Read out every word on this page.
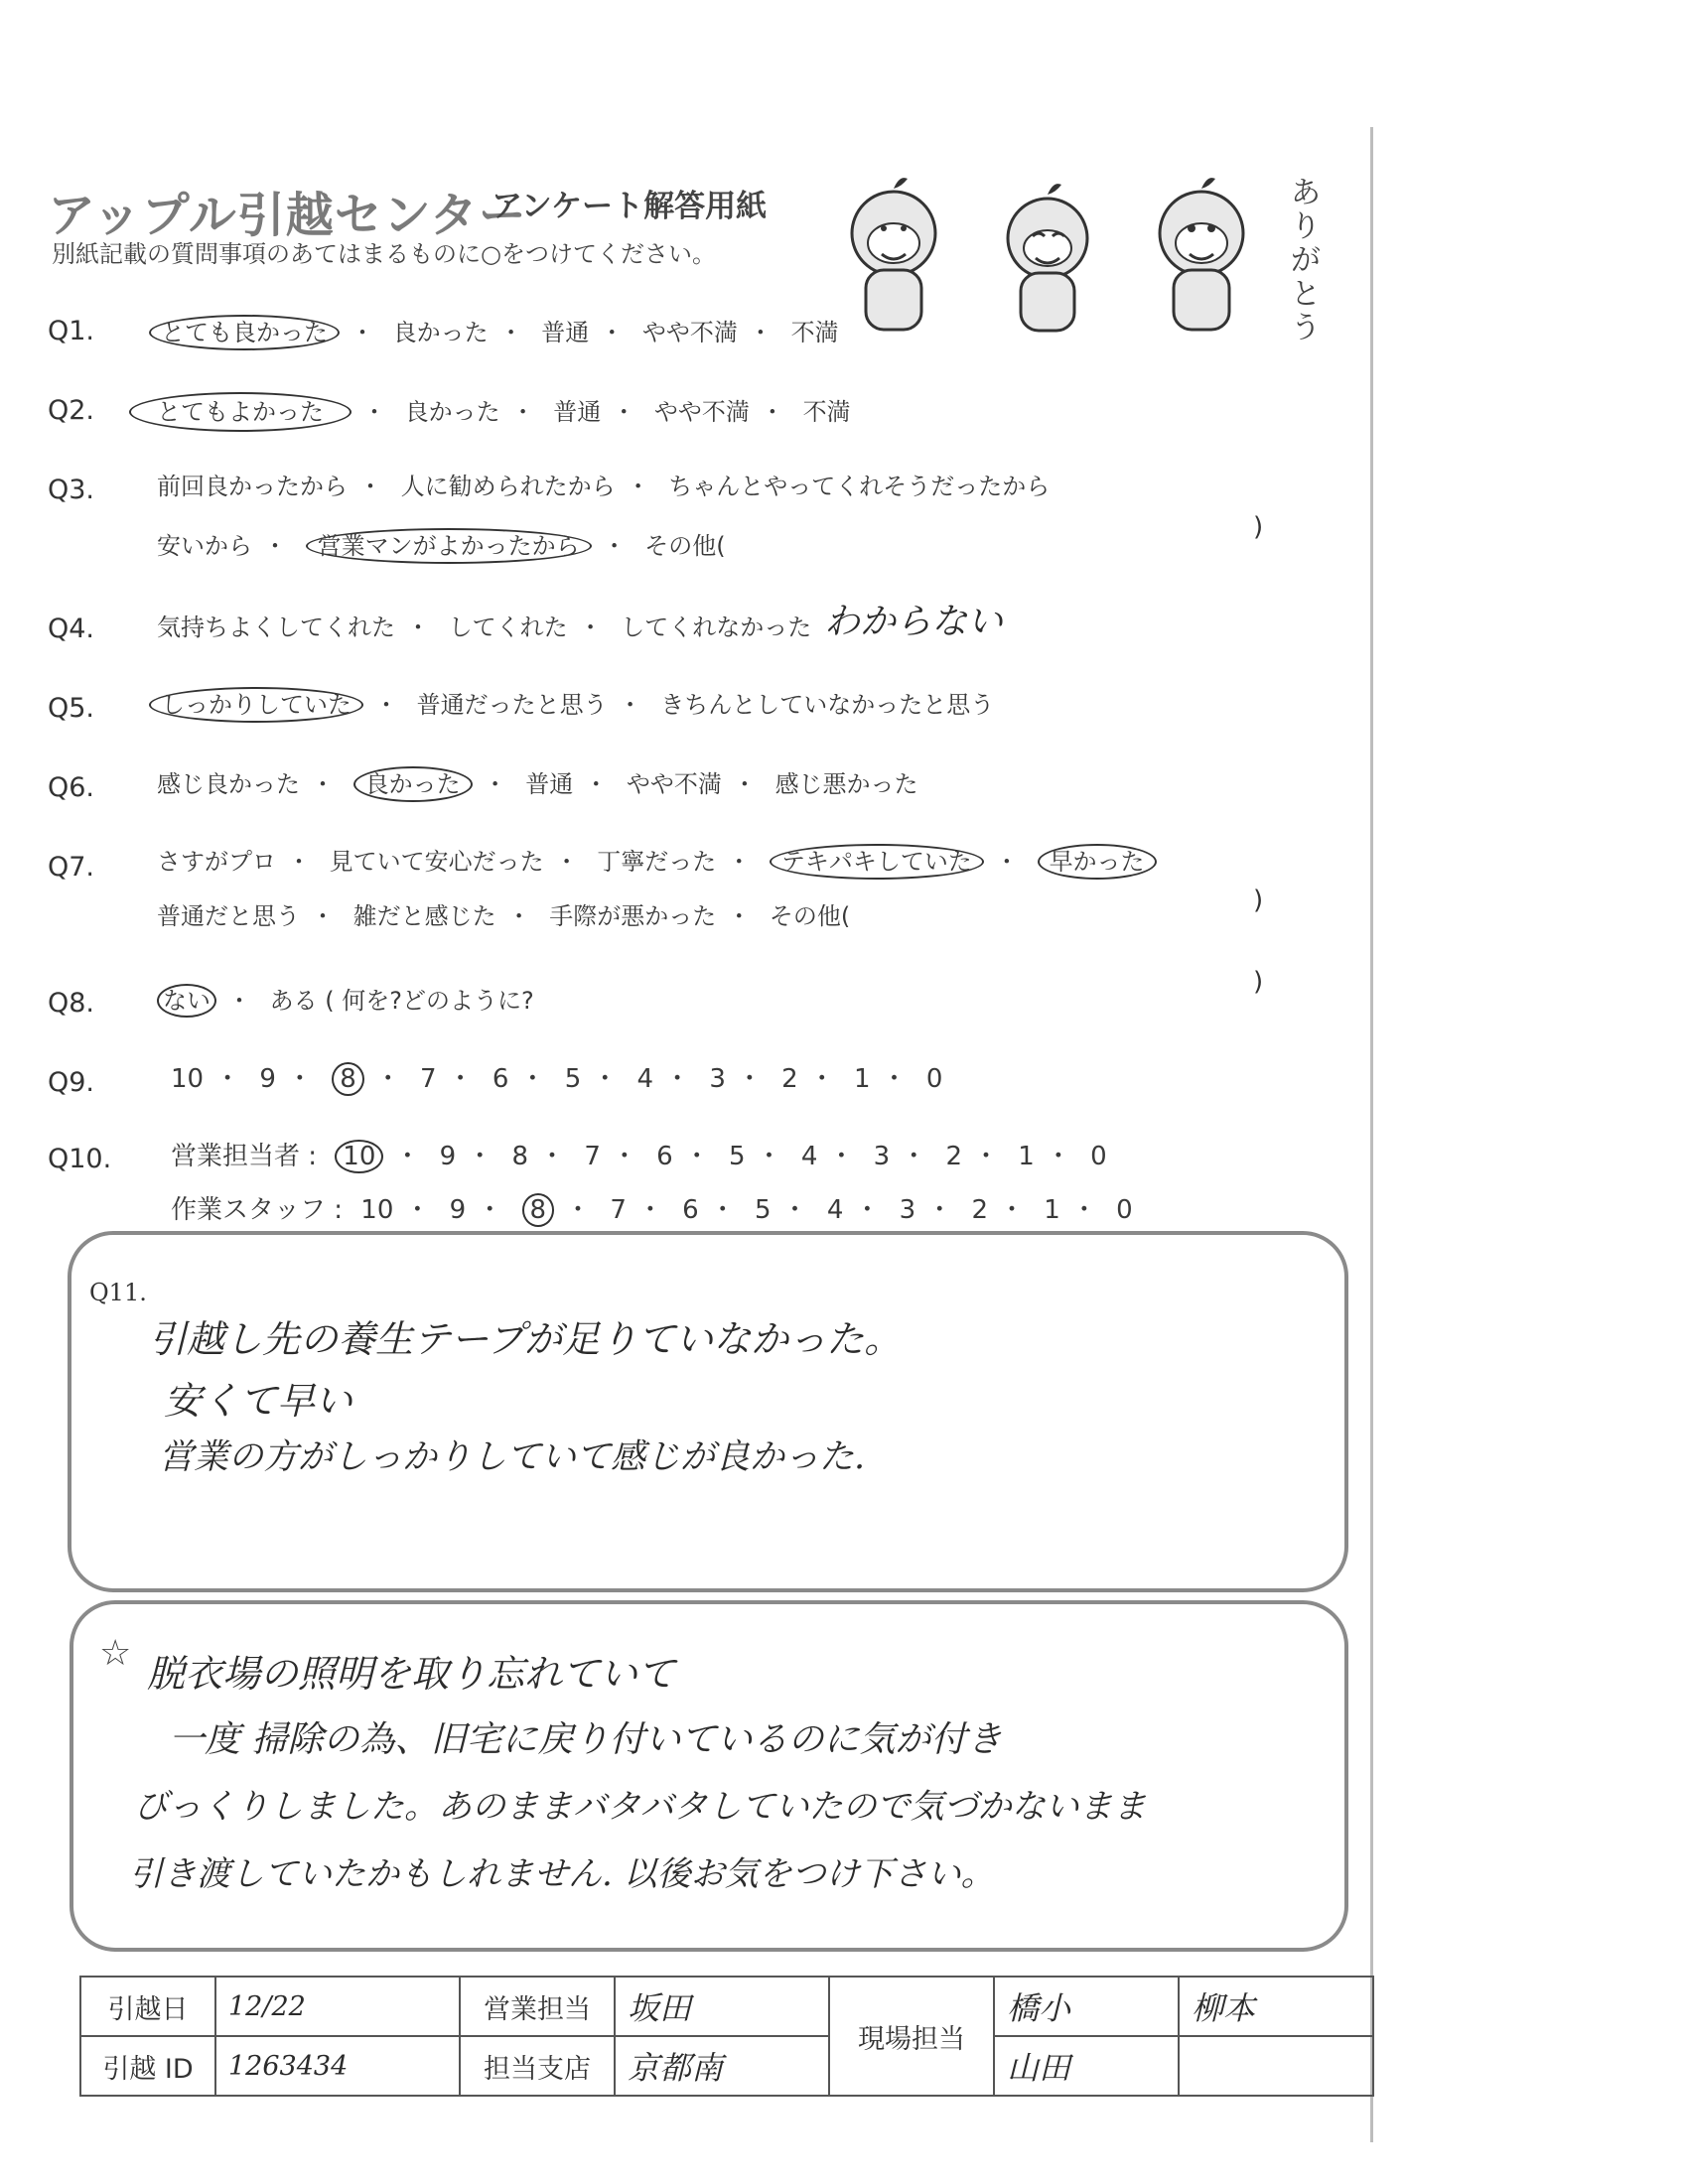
アップル引越センター
アンケート解答用紙
別紙記載の質問事項のあてはまるものに○をつけてください。
ありがとう
Q1.	とても良かった ・ 良かった ・ 普通 ・ やや不満 ・ 不満
Q2.	とてもよかった ・ 良かった ・ 普通 ・ やや不満 ・ 不満
Q3.	前回良かったから ・ 人に勧められたから ・ ちゃんとやってくれそうだったから
安いから ・ 営業マンがよかったから ・ その他(
)
Q4.	気持ちよくしてくれた ・ してくれた ・ してくれなかった わからない
Q5.	しっかりしていた ・ 普通だったと思う ・ きちんとしていなかったと思う
Q6.	感じ良かった ・ 良かった ・ 普通 ・ やや不満 ・ 感じ悪かった
Q7.	さすがプロ ・ 見ていて安心だった ・ 丁寧だった ・ テキパキしていた ・ 早かった
普通だと思う ・ 雑だと感じた ・ 手際が悪かった ・ その他(
)
Q8.	ない ・ ある ( 何を?どのように?
)
Q9.	10 ・ 9 ・ 8 ・ 7 ・ 6 ・ 5 ・ 4 ・ 3 ・ 2 ・ 1 ・ 0
Q10. 営業担当者 : 10 ・ 9 ・ 8 ・ 7 ・ 6 ・ 5 ・ 4 ・ 3 ・ 2 ・ 1 ・ 0
作業スタッフ : 10 ・ 9 ・ 8 ・ 7 ・ 6 ・ 5 ・ 4 ・ 3 ・ 2 ・ 1 ・ 0
Q11.
引越し先の養生テープが足りていなかった。
安くて早い
営業の方がしっかりしていて感じが良かった.
☆ 脱衣場の照明を取り忘れていて
一度 掃除の為、旧宅に戻り付いているのに気が付き
びっくりしました。あのままバタバタしていたので気づかないまま
引き渡していたかもしれません. 以後お気をつけ下さい。
引越日	12/22	営業担当	坂田	現場担当	橋小	柳本
引越 ID	1263434	担当支店	京都南		山田	
